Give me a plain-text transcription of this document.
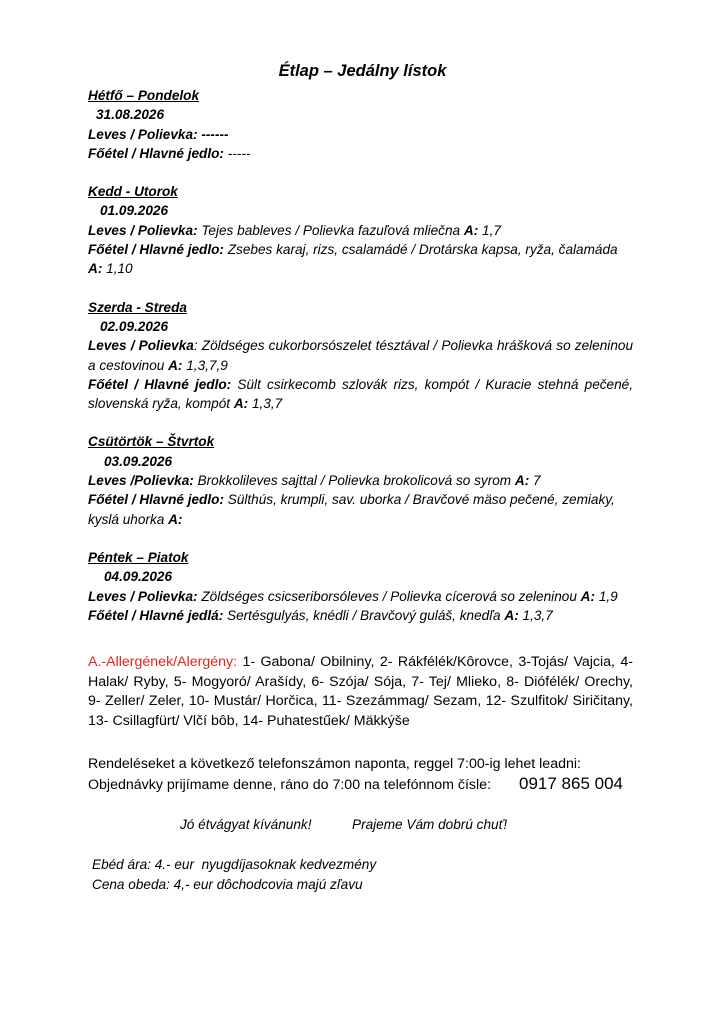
Étlap – Jedálny lístok
Hétfő – Pondelok
31.08.2026
Leves / Polievka: ------
Főétel / Hlavné jedlo: -----
Kedd - Utorok
01.09.2026
Leves / Polievka: Tejes bableves / Polievka fazuľová mliečna A: 1,7
Főétel / Hlavné jedlo: Zsebes karaj, rizs, csalamádé / Drotárska kapsa, ryža, čalamáda A: 1,10
Szerda - Streda
02.09.2026
Leves / Polievka: Zöldséges cukorborsószelet tésztával / Polievka hrášková so zeleninou a cestovinou A: 1,3,7,9
Főétel / Hlavné jedlo: Sült csirkecomb szlovák rizs, kompót / Kuracie stehná pečené, slovenská ryža, kompót A: 1,3,7
Csütörtök – Štvrtok
03.09.2026
Leves /Polievka: Brokkolileves sajttal / Polievka brokolicová so syrom A: 7
Főétel / Hlavné jedlo: Sülthús, krumpli, sav. uborka / Bravčové mäso pečené, zemiaky, kyslá uhorka A:
Péntek – Piatok
04.09.2026
Leves / Polievka: Zöldséges csicseriborsóleves / Polievka cícerová so zeleninou A: 1,9
Főétel / Hlavné jedlá: Sertésgulyás, knédli / Bravčový guláš, knedľa A: 1,3,7
A.-Allergének/Alergény: 1- Gabona/ Obilniny, 2- Rákfélék/Kôrovce, 3-Tojás/ Vajcia, 4- Halak/ Ryby, 5- Mogyoró/ Arašídy, 6- Szója/ Sója, 7- Tej/ Mlieko, 8- Diófélék/ Orechy, 9- Zeller/ Zeler, 10- Mustár/ Horčica, 11- Szezámmag/ Sezam, 12- Szulfitok/ Siričitany, 13- Csillagfürt/ Vlčí bôb, 14- Puhatestűek/ Mäkkýše
Rendeléseket a következő telefonszámon naponta, reggel 7:00-ig lehet leadni:
Objednávky prijímame denne, ráno do 7:00 na telefónnom čísle: 0917 865 004
Jó étvágyat kívánunk!	Prajeme Vám dobrú chuť!
Ebéd ára: 4.- eur  nyugdíjasoknak kedvezmény
Cena obeda: 4,- eur dôchodcovia majú zľavu
